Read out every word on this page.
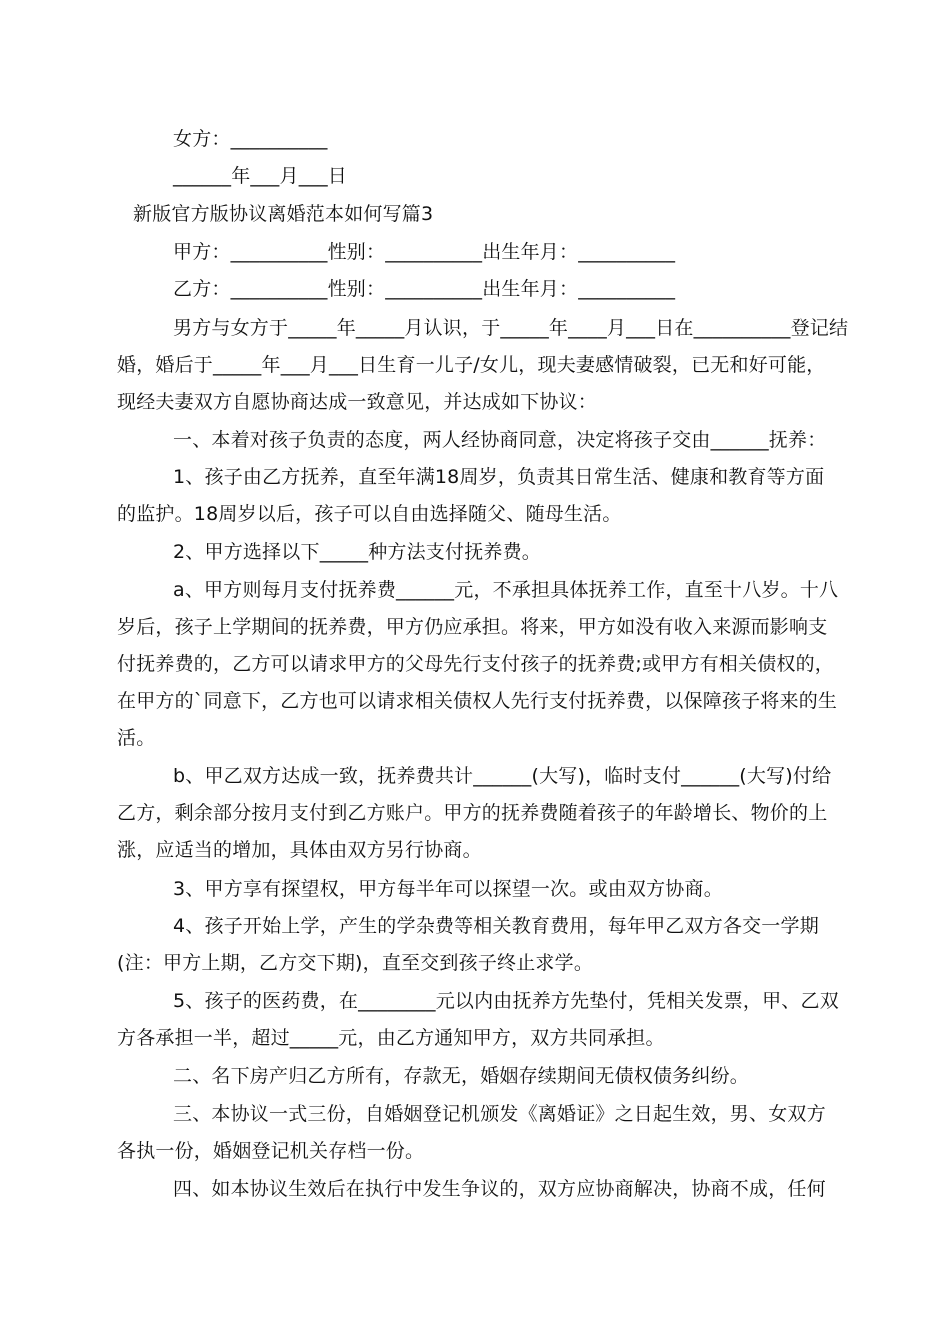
女方：__________
______年___月___日
新版官方版协议离婚范本如何写篇3
甲方：__________性别：__________出生年月：__________
乙方：__________性别：__________出生年月：__________
男方与女方于_____年_____月认识，于_____年____月___日在__________登记结
婚，婚后于_____年___月___日生育一儿子/女儿，现夫妻感情破裂，已无和好可能，
现经夫妻双方自愿协商达成一致意见，并达成如下协议：
一、本着对孩子负责的态度，两人经协商同意，决定将孩子交由______抚养：
1、孩子由乙方抚养，直至年满18周岁，负责其日常生活、健康和教育等方面
的监护。18周岁以后，孩子可以自由选择随父、随母生活。
2、甲方选择以下_____种方法支付抚养费。
a、甲方则每月支付抚养费______元，不承担具体抚养工作，直至十八岁。十八
岁后，孩子上学期间的抚养费，甲方仍应承担。将来，甲方如没有收入来源而影响支
付抚养费的，乙方可以请求甲方的父母先行支付孩子的抚养费;或甲方有相关债权的，
在甲方的`同意下，乙方也可以请求相关债权人先行支付抚养费，以保障孩子将来的生
活。
b、甲乙双方达成一致，抚养费共计______(大写)，临时支付______(大写)付给
乙方，剩余部分按月支付到乙方账户。甲方的抚养费随着孩子的年龄增长、物价的上
涨，应适当的增加，具体由双方另行协商。
3、甲方享有探望权，甲方每半年可以探望一次。或由双方协商。
4、孩子开始上学，产生的学杂费等相关教育费用，每年甲乙双方各交一学期
(注：甲方上期，乙方交下期)，直至交到孩子终止求学。
5、孩子的医药费，在________元以内由抚养方先垫付，凭相关发票，甲、乙双
方各承担一半，超过_____元，由乙方通知甲方，双方共同承担。
二、名下房产归乙方所有，存款无，婚姻存续期间无债权债务纠纷。
三、本协议一式三份，自婚姻登记机颁发《离婚证》之日起生效，男、女双方
各执一份，婚姻登记机关存档一份。
四、如本协议生效后在执行中发生争议的，双方应协商解决，协商不成，任何
